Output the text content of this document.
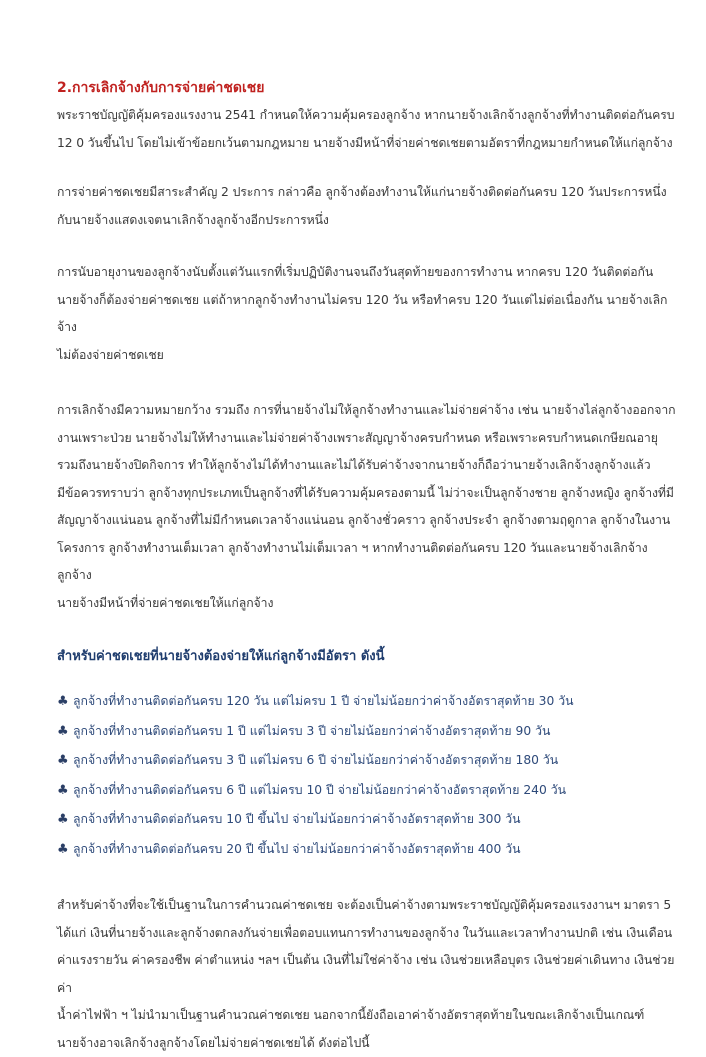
2.การเลิกจ้างกับการจ่ายค่าชดเชย
พระราชบัญญัติคุ้มครองแรงงาน 2541 กำหนดให้ความคุ้มครองลูกจ้าง หากนายจ้างเลิกจ้างลูกจ้างที่ทำงานติดต่อกันครบ
12 0 วันขึ้นไป โดยไม่เข้าข้อยกเว้นตามกฎหมาย นายจ้างมีหน้าที่จ่ายค่าชดเชยตามอัตราที่กฎหมายกำหนดให้แก่ลูกจ้าง
การจ่ายค่าชดเชยมีสาระสำคัญ 2 ประการ กล่าวคือ ลูกจ้างต้องทำงานให้แก่นายจ้างติดต่อกันครบ 120 วันประการหนึ่ง
กับนายจ้างแสดงเจตนาเลิกจ้างลูกจ้างอีกประการหนึ่ง
การนับอายุงานของลูกจ้างนับตั้งแต่วันแรกที่เริ่มปฏิบัติงานจนถึงวันสุดท้ายของการทำงาน หากครบ 120 วันติดต่อกัน
นายจ้างก็ต้องจ่ายค่าชดเชย แต่ถ้าหากลูกจ้างทำงานไม่ครบ 120 วัน หรือทำครบ 120 วันแต่ไม่ต่อเนื่องกัน นายจ้างเลิกจ้าง
ไม่ต้องจ่ายค่าชดเชย
การเลิกจ้างมีความหมายกว้าง รวมถึง การที่นายจ้างไม่ให้ลูกจ้างทำงานและไม่จ่ายค่าจ้าง เช่น นายจ้างไล่ลูกจ้างออกจาก
งานเพราะป่วย นายจ้างไม่ให้ทำงานและไม่จ่ายค่าจ้างเพราะสัญญาจ้างครบกำหนด หรือเพราะครบกำหนดเกษียณอายุ
รวมถึงนายจ้างปิดกิจการ ทำให้ลูกจ้างไม่ได้ทำงานและไม่ได้รับค่าจ้างจากนายจ้างก็ถือว่านายจ้างเลิกจ้างลูกจ้างแล้ว
มีข้อควรทราบว่า ลูกจ้างทุกประเภทเป็นลูกจ้างที่ได้รับความคุ้มครองตามนี้ ไม่ว่าจะเป็นลูกจ้างชาย ลูกจ้างหญิง ลูกจ้างที่มี
สัญญาจ้างแน่นอน ลูกจ้างที่ไม่มีกำหนดเวลาจ้างแน่นอน ลูกจ้างชั่วคราว ลูกจ้างประจำ ลูกจ้างตามฤดูกาล ลูกจ้างในงาน
โครงการ ลูกจ้างทำงานเต็มเวลา ลูกจ้างทำงานไม่เต็มเวลา ฯ หากทำงานติดต่อกันครบ 120 วันและนายจ้างเลิกจ้างลูกจ้าง
นายจ้างมีหน้าที่จ่ายค่าชดเชยให้แก่ลูกจ้าง
สำหรับค่าชดเชยที่นายจ้างต้องจ่ายให้แก่ลูกจ้างมีอัตรา ดังนี้
♣ ลูกจ้างที่ทำงานติดต่อกันครบ 120 วัน แต่ไม่ครบ 1 ปี จ่ายไม่น้อยกว่าค่าจ้างอัตราสุดท้าย 30 วัน
♣ ลูกจ้างที่ทำงานติดต่อกันครบ 1 ปี แต่ไม่ครบ 3 ปี จ่ายไม่น้อยกว่าค่าจ้างอัตราสุดท้าย 90 วัน
♣ ลูกจ้างที่ทำงานติดต่อกันครบ 3 ปี แต่ไม่ครบ 6 ปี จ่ายไม่น้อยกว่าค่าจ้างอัตราสุดท้าย 180 วัน
♣ ลูกจ้างที่ทำงานติดต่อกันครบ 6 ปี แต่ไม่ครบ 10 ปี จ่ายไม่น้อยกว่าค่าจ้างอัตราสุดท้าย 240 วัน
♣ ลูกจ้างที่ทำงานติดต่อกันครบ 10 ปี ขึ้นไป จ่ายไม่น้อยกว่าค่าจ้างอัตราสุดท้าย 300 วัน
♣ ลูกจ้างที่ทำงานติดต่อกันครบ 20 ปี ขึ้นไป จ่ายไม่น้อยกว่าค่าจ้างอัตราสุดท้าย 400 วัน
สำหรับค่าจ้างที่จะใช้เป็นฐานในการคำนวณค่าชดเชย จะต้องเป็นค่าจ้างตามพระราชบัญญัติคุ้มครองแรงงานฯ มาตรา 5
ได้แก่ เงินที่นายจ้างและลูกจ้างตกลงกันจ่ายเพื่อตอบแทนการทำงานของลูกจ้าง ในวันและเวลาทำงานปกติ เช่น เงินเดือน
ค่าแรงรายวัน ค่าครองชีพ ค่าตำแหน่ง ฯลฯ เป็นต้น เงินที่ไม่ใช่ค่าจ้าง เช่น เงินช่วยเหลือบุตร เงินช่วยค่าเดินทาง เงินช่วยค่า
น้ำค่าไฟฟ้า ฯ ไม่นำมาเป็นฐานคำนวณค่าชดเชย นอกจากนี้ยังถือเอาค่าจ้างอัตราสุดท้ายในขณะเลิกจ้างเป็นเกณฑ์
นายจ้างอาจเลิกจ้างลูกจ้างโดยไม่จ่ายค่าชดเชยได้ ดังต่อไปนี้
